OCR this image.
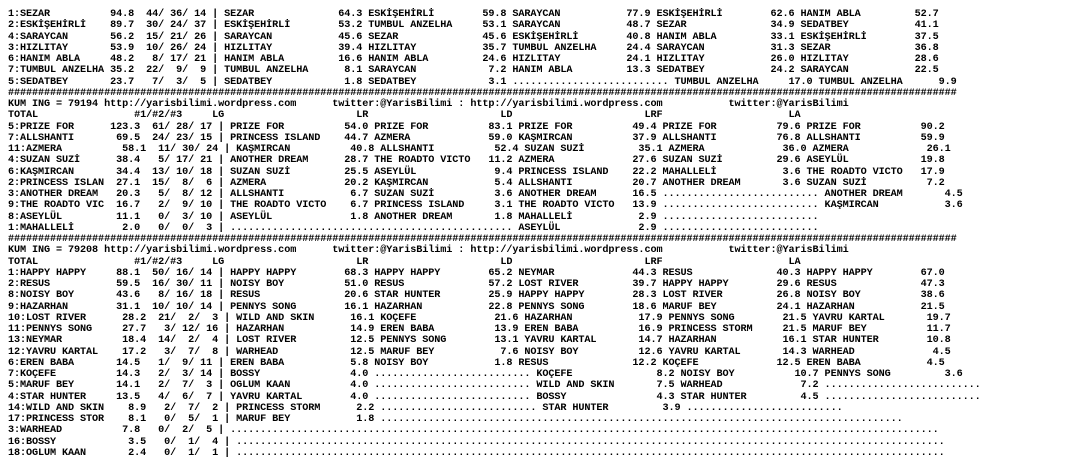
1:SEZAR          94.8  44/ 36/ 14 | SEZAR              64.3 ESKİŞEHİRLİ        59.8 SARAYCAN           77.9 ESKİŞEHİRLİ        62.6 HANIM ABLA         52.7
2:ESKİŞEHİRLİ    89.7  30/ 24/ 37 | ESKİŞEHİRLİ        53.2 TUMBUL ANZELHA     53.1 SARAYCAN           48.7 SEZAR              34.9 SEDATBEY           41.1
4:SARAYCAN       56.2  15/ 21/ 26 | SARAYCAN           45.6 SEZAR              45.6 ESKİŞEHİRLİ        40.8 HANIM ABLA         33.1 ESKİŞEHİRLİ        37.5
3:HIZLITAY       53.9  10/ 26/ 24 | HIZLITAY           39.4 HIZLITAY           35.7 TUMBUL ANZELHA     24.4 SARAYCAN           31.3 SEZAR              36.8
6:HANIM ABLA     48.2   8/ 17/ 21 | HANIM ABLA         16.6 HANIM ABLA         24.6 HIZLITAY           24.1 HIZLITAY           26.0 HIZLITAY           28.6
7:TUMBUL ANZELHA 35.2  22/  9/  9 | TUMBUL ANZELHA      8.1 SARAYCAN            7.2 HANIM ABLA         13.3 SEDATBEY           24.2 SARAYCAN           22.5
5:SEDATBEY       23.7   7/  3/  5 | SEDATBEY            1.8 SEDATBEY            3.1 .......................... TUMBUL ANZELHA     17.0 TUMBUL ANZELHA      9.9
##############################################################################################################################################################
KUM ING = 79194 http://yarisbilimi.wordpress.com      twitter:@YarisBilimi : http://yarisbilimi.wordpress.com           twitter:@YarisBilimi
TOTAL                #1/#2/#3     LG                      LR                      LD                      LRF                     LA
5:PRIZE FOR      123.3  61/ 28/ 17 | PRIZE FOR          54.0 PRIZE FOR          83.1 PRIZE FOR          49.4 PRIZE FOR          79.6 PRIZE FOR          90.2
7:ALLSHANTI       69.5  24/ 23/ 15 | PRINCESS ISLAND    44.7 AZMERA             59.0 KAŞMIRCAN          37.9 ALLSHANTI          76.8 ALLSHANTI          59.9
11:AZMERA          58.1  11/ 30/ 24 | KAŞMIRCAN          40.8 ALLSHANTI          52.4 SUZAN SUZİ         35.1 AZMERA             36.0 AZMERA             26.1
4:SUZAN SUZİ      38.4   5/ 17/ 21 | ANOTHER DREAM      28.7 THE ROADTO VICTO   11.2 AZMERA             27.6 SUZAN SUZİ         29.6 ASEYLÜL            19.8
6:KAŞMIRCAN       34.4  13/ 10/ 18 | SUZAN SUZİ         25.5 ASEYLÜL             9.4 PRINCESS ISLAND    22.2 MAHALLELİ           3.6 THE ROADTO VICTO   17.9
2:PRINCESS ISLAN  27.1  15/  8/  6 | AZMERA             20.2 KAŞMIRCAN           5.4 ALLSHANTI          20.7 ANOTHER DREAM       3.6 SUZAN SUZİ          7.2
3:ANOTHER DREAM   20.3   5/  8/ 12 | ALLSHANTI           6.7 SUZAN SUZİ          3.6 ANOTHER DREAM      16.5 .......................... ANOTHER DREAM       4.5
9:THE ROADTO VIC  16.7   2/  9/ 10 | THE ROADTO VICTO    6.7 PRINCESS ISLAND     3.1 THE ROADTO VICTO   13.9 .......................... KAŞMIRCAN           3.6
8:ASEYLÜL         11.1   0/  3/ 10 | ASEYLÜL             1.8 ANOTHER DREAM       1.8 MAHALLELİ           2.9 ..........................
1:MAHALLELİ        2.0   0/  0/  3 | ............................................... ASEYLÜL             2.9 ..........................
##############################################################################################################################################################
KUM ING = 79208 http://yarisbilimi.wordpress.com      twitter:@YarisBilimi : http://yarisbilimi.wordpress.com           twitter:@YarisBilimi
TOTAL                #1/#2/#3     LG                      LR                      LD                      LRF                     LA
1:HAPPY HAPPY     88.1  50/ 16/ 14 | HAPPY HAPPY        68.3 HAPPY HAPPY        65.2 NEYMAR             44.3 RESUS              40.3 HAPPY HAPPY        67.0
2:RESUS           59.5  16/ 30/ 11 | NOISY BOY          51.0 RESUS              57.2 LOST RIVER         39.7 HAPPY HAPPY        29.6 RESUS              47.3
8:NOISY BOY       43.6   8/ 16/ 18 | RESUS              20.6 STAR HUNTER        25.9 HAPPY HAPPY        28.3 LOST RIVER         26.8 NOISY BOY          38.6
9:HAZARHAN        31.1  10/ 10/ 14 | PENNYS SONG        16.1 HAZARHAN           22.8 PENNYS SONG        18.6 MARUF BEY          24.1 HAZARHAN           21.5
10:LOST RIVER      28.2  21/  2/  3 | WILD AND SKIN      16.1 KOÇEFE             21.6 HAZARHAN           17.9 PENNYS SONG        21.5 YAVRU KARTAL       19.7
11:PENNYS SONG     27.7   3/ 12/ 16 | HAZARHAN           14.9 EREN BABA          13.9 EREN BABA          16.9 PRINCESS STORM     21.5 MARUF BEY          11.7
13:NEYMAR          18.4  14/  2/  4 | LOST RIVER         12.5 PENNYS SONG        13.1 YAVRU KARTAL       14.7 HAZARHAN           16.1 STAR HUNTER        10.8
12:YAVRU KARTAL    17.2   3/  7/  8 | WARHEAD            12.5 MARUF BEY           7.6 NOISY BOY          12.6 YAVRU KARTAL       14.3 WARHEAD             4.5
6:EREN BABA       14.5   1/  9/ 11 | EREN BABA           5.8 NOISY BOY           1.8 RESUS              12.2 KOÇEFE             12.5 EREN BABA           4.5
7:KOÇEFE          14.3   2/  3/ 14 | BOSSY               4.0 .......................... KOÇEFE              8.2 NOISY BOY          10.7 PENNYS SONG         3.6
5:MARUF BEY       14.1   2/  7/  3 | OGLUM KAAN          4.0 .......................... WILD AND SKIN       7.5 WARHEAD             7.2 ..........................
4:STAR HUNTER     13.5   4/  6/  7 | YAVRU KARTAL        4.0 .......................... BOSSY               4.3 STAR HUNTER         4.5 ..........................
14:WILD AND SKIN    8.9   2/  7/  2 | PRINCESS STORM      2.2 .......................... STAR HUNTER         3.9 ..........................
17:PRINCESS STOR    8.1   0/  5/  1 | MARUF BEY           1.8 .......................................................................................
3:WARHEAD          7.8   0/  2/  5 | ......................................................................................................................
16:BOSSY            3.5   0/  1/  4 | ......................................................................................................................
18:OGLUM KAAN       2.4   0/  1/  1 | ......................................................................................................................
